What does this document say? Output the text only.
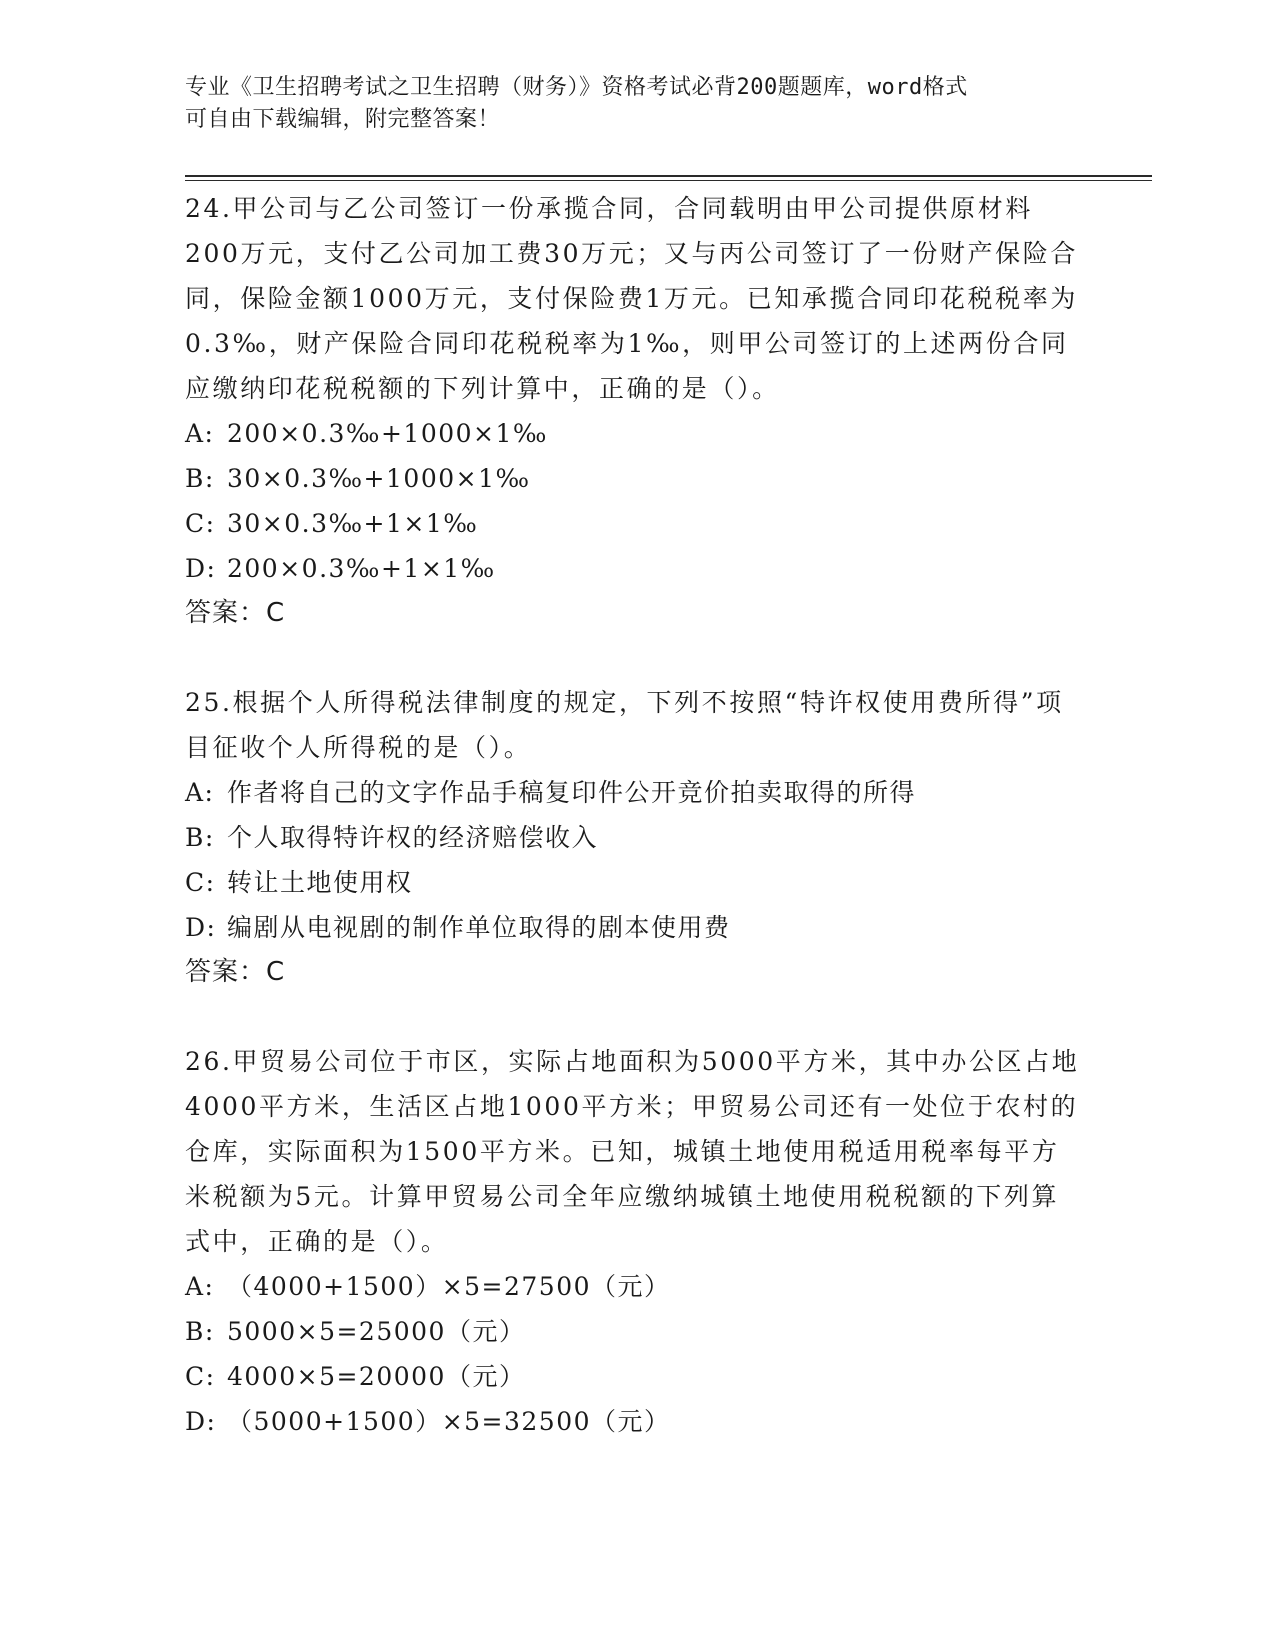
专业《卫生招聘考试之卫生招聘（财务）》资格考试必背200题题库，word格式
可自由下载编辑，附完整答案！

24.甲公司与乙公司签订一份承揽合同，合同载明由甲公司提供原材料200万元，支付乙公司加工费30万元；又与丙公司签订了一份财产保险合同，保险金额1000万元，支付保险费1万元。已知承揽合同印花税税率为0.3‰，财产保险合同印花税税率为1‰，则甲公司签订的上述两份合同应缴纳印花税税额的下列计算中，正确的是（）。

A: 200×0.3‰+1000×1‰

B: 30×0.3‰+1000×1‰

C: 30×0.3‰+1×1‰

D: 200×0.3‰+1×1‰

答案：C

25.根据个人所得税法律制度的规定，下列不按照“特许权使用费所得”项目征收个人所得税的是（）。

A: 作者将自己的文字作品手稿复印件公开竞价拍卖取得的所得

B: 个人取得特许权的经济赔偿收入

C: 转让土地使用权

D: 编剧从电视剧的制作单位取得的剧本使用费

答案：C

26.甲贸易公司位于市区，实际占地面积为5000平方米，其中办公区占地4000平方米，生活区占地1000平方米；甲贸易公司还有一处位于农村的仓库，实际面积为1500平方米。已知，城镇土地使用税适用税率每平方米税额为5元。计算甲贸易公司全年应缴纳城镇土地使用税税额的下列算式中，正确的是（）。

A: （4000+1500）×5=27500（元）

B: 5000×5=25000（元）

C: 4000×5=20000（元）

D: （5000+1500）×5=32500（元）
